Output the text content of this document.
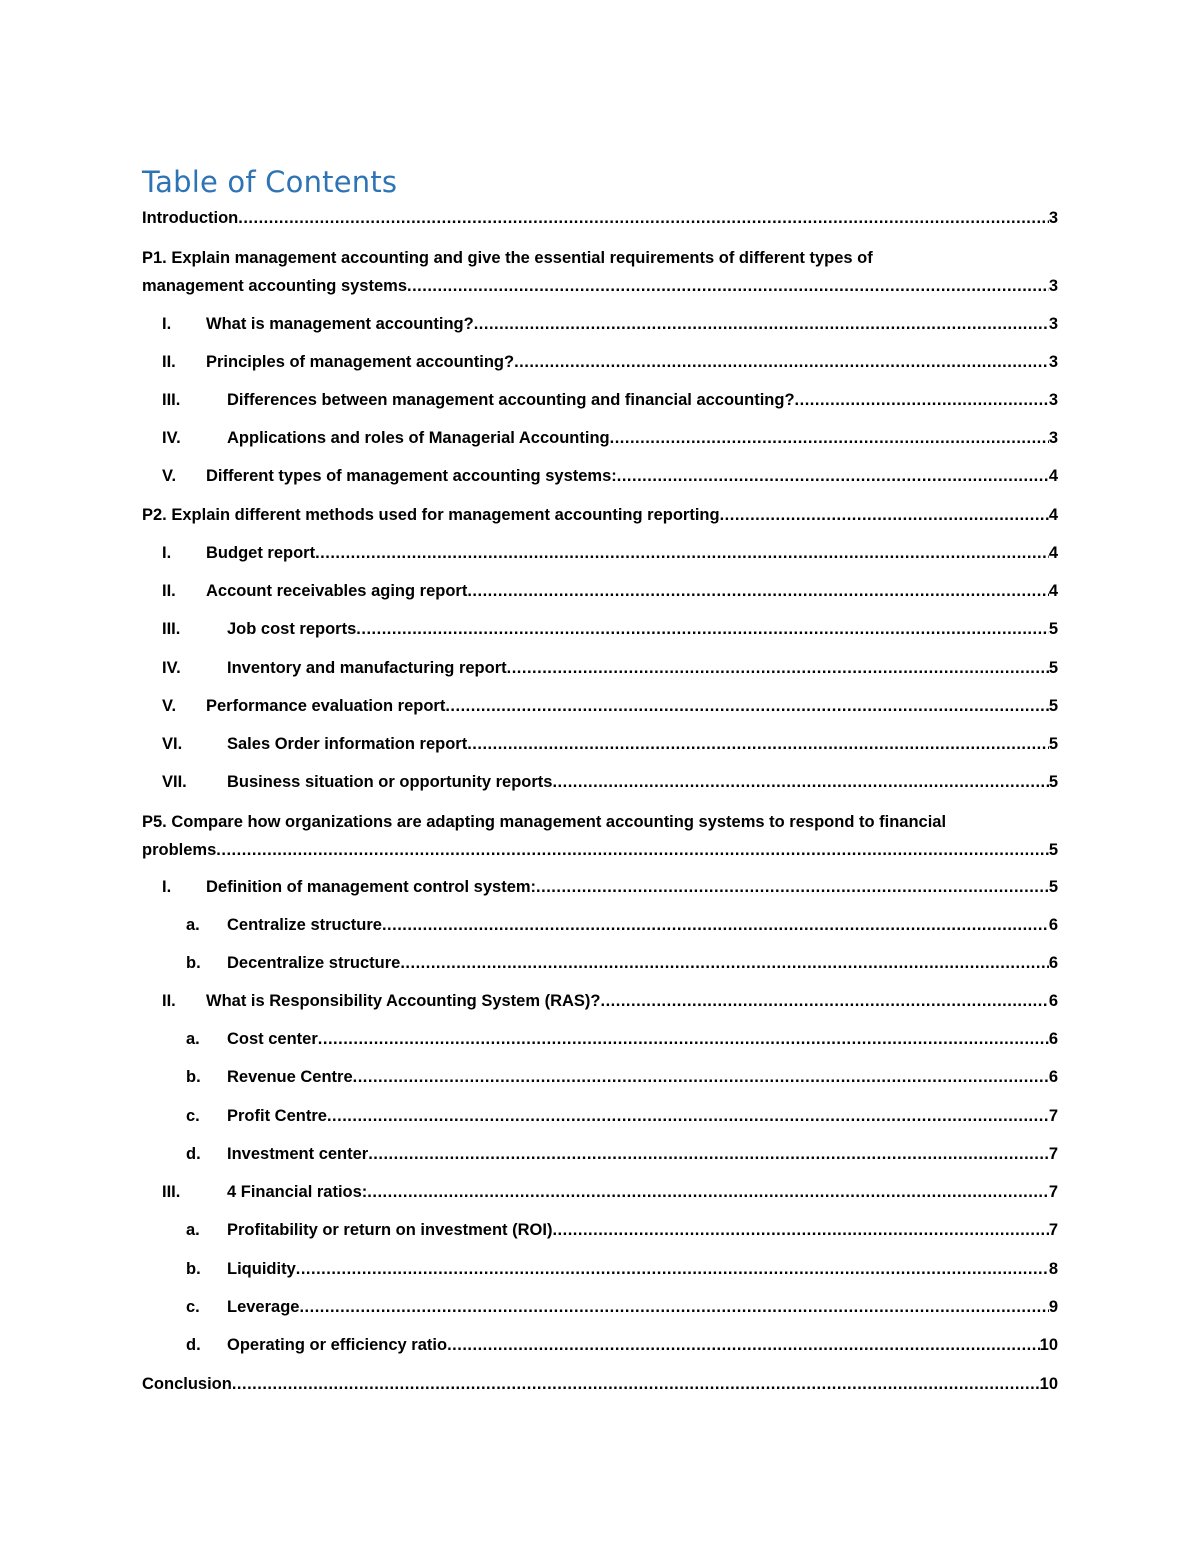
Table of Contents
Introduction .....	3
P1. Explain management accounting and give the essential requirements of different types of
management accounting systems .....	3
I.	What is management accounting? .....	3
II.	Principles of management accounting? .....	3
III.	Differences between management accounting and financial accounting? .....	3
IV.	Applications and roles of Managerial Accounting .....	3
V.	Different types of management accounting systems: .....	4
P2. Explain different methods used for management accounting reporting .....	4
I.	Budget report .....	4
II.	Account receivables aging report .....	4
III.	Job cost reports .....	5
IV.	Inventory and manufacturing report .....	5
V.	Performance evaluation report .....	5
VI.	Sales Order information report .....	5
VII.	Business situation or opportunity reports .....	5
P5. Compare how organizations are adapting management accounting systems to respond to financial
problems .....	5
I.	Definition of management control system: .....	5
a.	Centralize structure .....	6
b.	Decentralize structure .....	6
II.	What is Responsibility Accounting System (RAS)? .....	6
a.	Cost center .....	6
b.	Revenue Centre .....	6
c.	Profit Centre .....	7
d.	Investment center .....	7
III.	4 Financial ratios: .....	7
a.	Profitability or return on investment (ROI) .....	7
b.	Liquidity .....	8
c.	Leverage .....	9
d.	Operating or efficiency ratio .....	10
Conclusion .....	10
